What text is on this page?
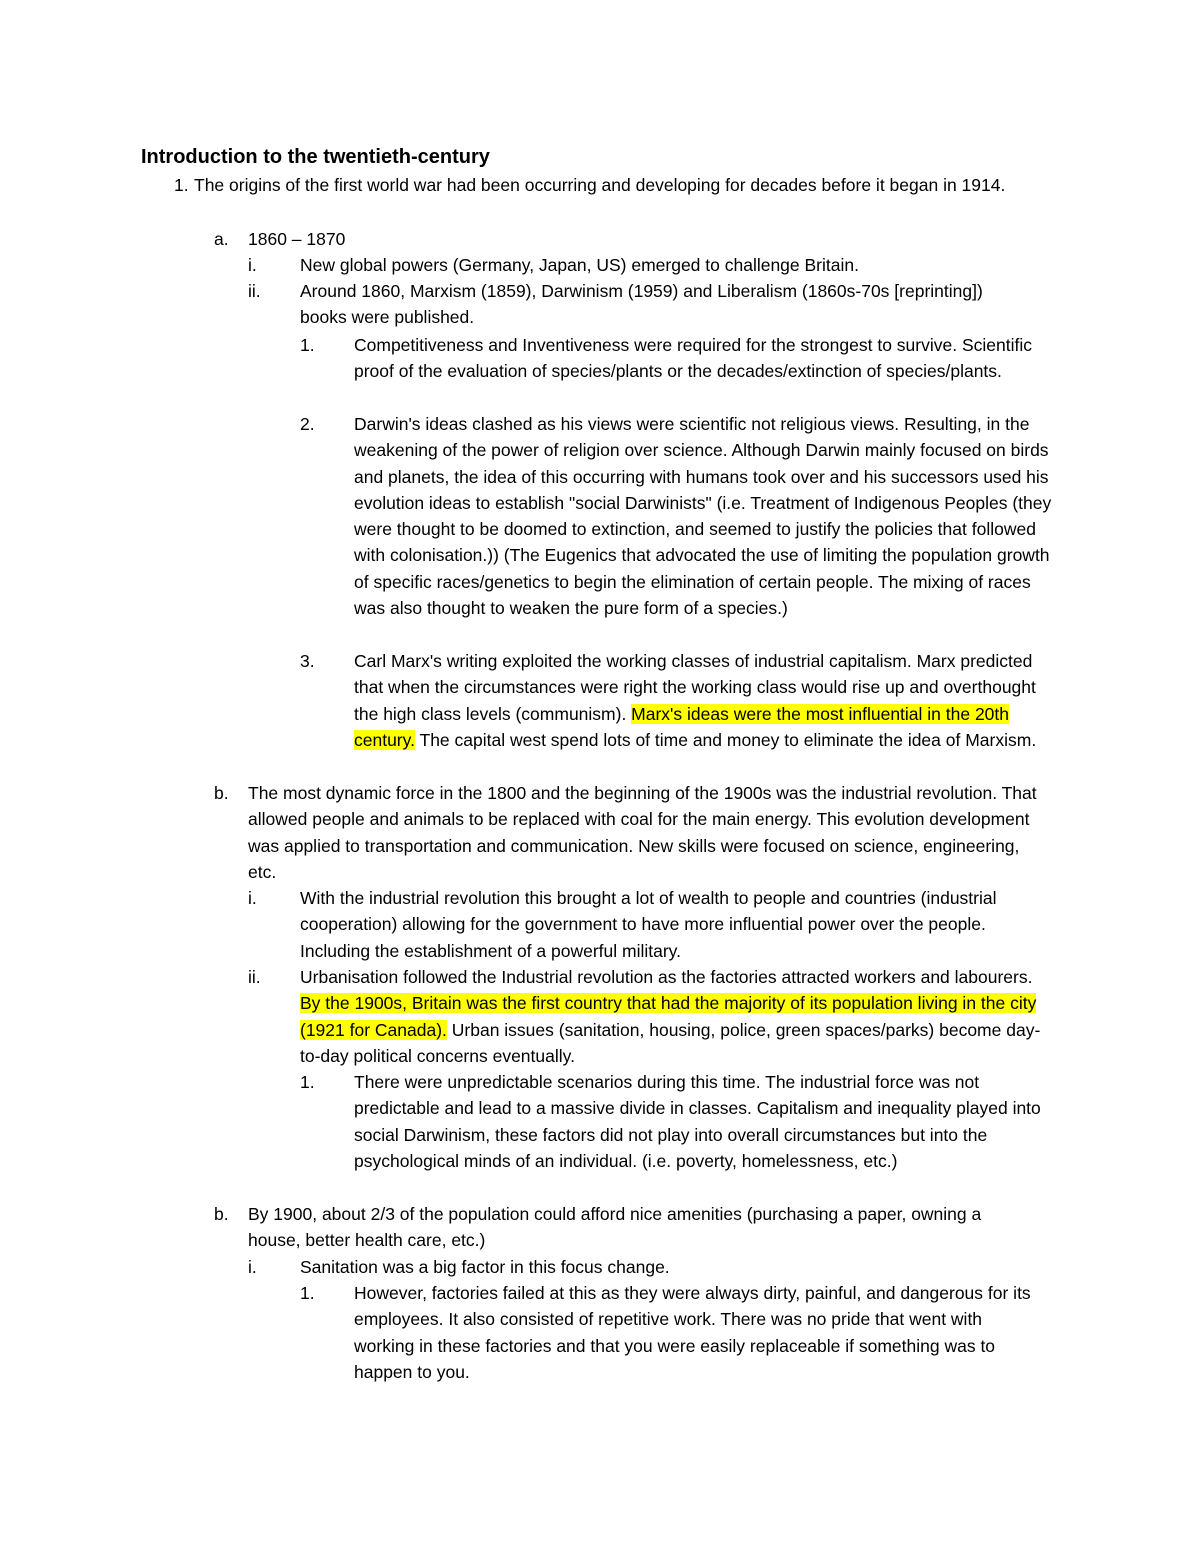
Introduction to the twentieth-century
1. The origins of the first world war had been occurring and developing for decades before it began in 1914.
a. 1860 – 1870
i. New global powers (Germany, Japan, US) emerged to challenge Britain.
ii. Around 1860, Marxism (1859), Darwinism (1959) and Liberalism (1860s-70s [reprinting]) books were published.
1. Competitiveness and Inventiveness were required for the strongest to survive. Scientific proof of the evaluation of species/plants or the decades/extinction of species/plants.
2. Darwin's ideas clashed as his views were scientific not religious views. Resulting, in the weakening of the power of religion over science. Although Darwin mainly focused on birds and planets, the idea of this occurring with humans took over and his successors used his evolution ideas to establish "social Darwinists" (i.e. Treatment of Indigenous Peoples (they were thought to be doomed to extinction, and seemed to justify the policies that followed with colonisation.)) (The Eugenics that advocated the use of limiting the population growth of specific races/genetics to begin the elimination of certain people. The mixing of races was also thought to weaken the pure form of a species.)
3. Carl Marx's writing exploited the working classes of industrial capitalism. Marx predicted that when the circumstances were right the working class would rise up and overthought the high class levels (communism). Marx's ideas were the most influential in the 20th century. The capital west spend lots of time and money to eliminate the idea of Marxism.
b. The most dynamic force in the 1800 and the beginning of the 1900s was the industrial revolution. That allowed people and animals to be replaced with coal for the main energy. This evolution development was applied to transportation and communication. New skills were focused on science, engineering, etc.
i. With the industrial revolution this brought a lot of wealth to people and countries (industrial cooperation) allowing for the government to have more influential power over the people. Including the establishment of a powerful military.
ii. Urbanisation followed the Industrial revolution as the factories attracted workers and labourers. By the 1900s, Britain was the first country that had the majority of its population living in the city (1921 for Canada). Urban issues (sanitation, housing, police, green spaces/parks) become day-to-day political concerns eventually.
1. There were unpredictable scenarios during this time. The industrial force was not predictable and lead to a massive divide in classes. Capitalism and inequality played into social Darwinism, these factors did not play into overall circumstances but into the psychological minds of an individual. (i.e. poverty, homelessness, etc.)
b. By 1900, about 2/3 of the population could afford nice amenities (purchasing a paper, owning a house, better health care, etc.)
i. Sanitation was a big factor in this focus change.
1. However, factories failed at this as they were always dirty, painful, and dangerous for its employees. It also consisted of repetitive work. There was no pride that went with working in these factories and that you were easily replaceable if something was to happen to you.
